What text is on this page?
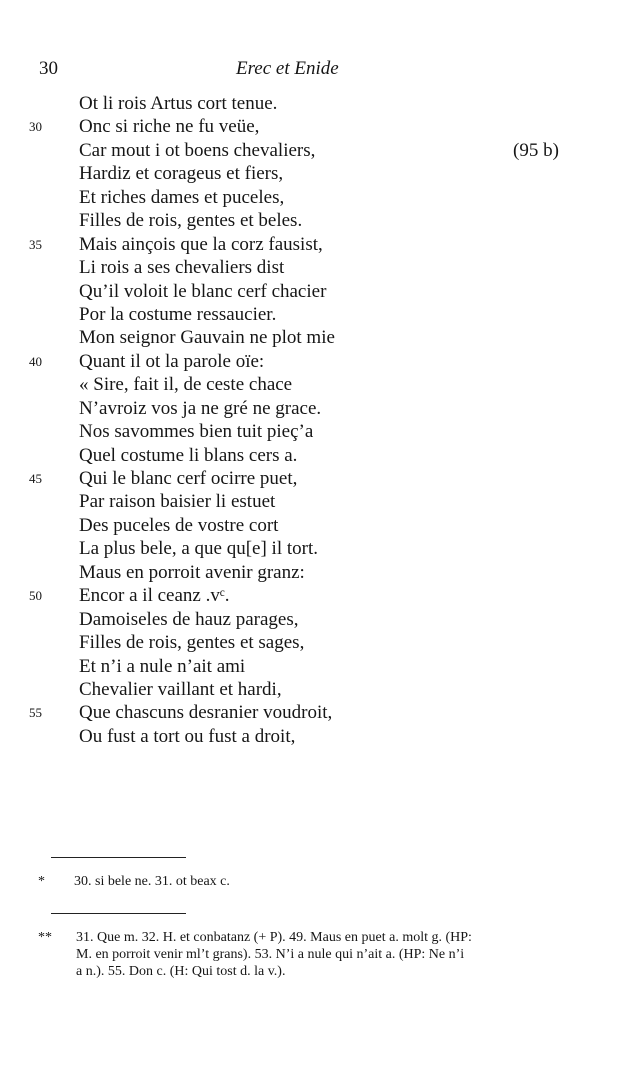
30	Erec et Enide
Ot li rois Artus cort tenue.
30	Onc si riche ne fu veüe,
Car mout i ot boens chevaliers,	(95 b)
Hardiz et corageus et fiers,
Et riches dames et puceles,
Filles de rois, gentes et beles.
35	Mais ainçois que la corz fausist,
Li rois a ses chevaliers dist
Qu’il voloit le blanc cerf chacier
Por la costume ressaucier.
Mon seignor Gauvain ne plot mie
40	Quant il ot la parole oïe:
« Sire, fait il, de ceste chace
N’avroiz vos ja ne gré ne grace.
Nos savommes bien tuit pieç’a
Quel costume li blans cers a.
45	Qui le blanc cerf ocirre puet,
Par raison baisier li estuet
Des puceles de vostre cort
La plus bele, a que qu[e] il tort.
Maus en porroit avenir granz:
50	Encor a il ceanz .vᶜ.
Damoiseles de hauz parages,
Filles de rois, gentes et sages,
Et n’i a nule n’ait ami
Chevalier vaillant et hardi,
55	Que chascuns desranier voudroit,
Ou fust a tort ou fust a droit,
* 30. si bele ne. 31. ot beax c.
**	31. Que m. 32. H. et conbatanz (+ P). 49. Maus en puet a. molt g. (HP:
M. en porroit venir ml’t grans). 53. N’i a nule qui n’ait a. (HP: Ne n’i
a n.). 55. Don c. (H: Qui tost d. la v.).
